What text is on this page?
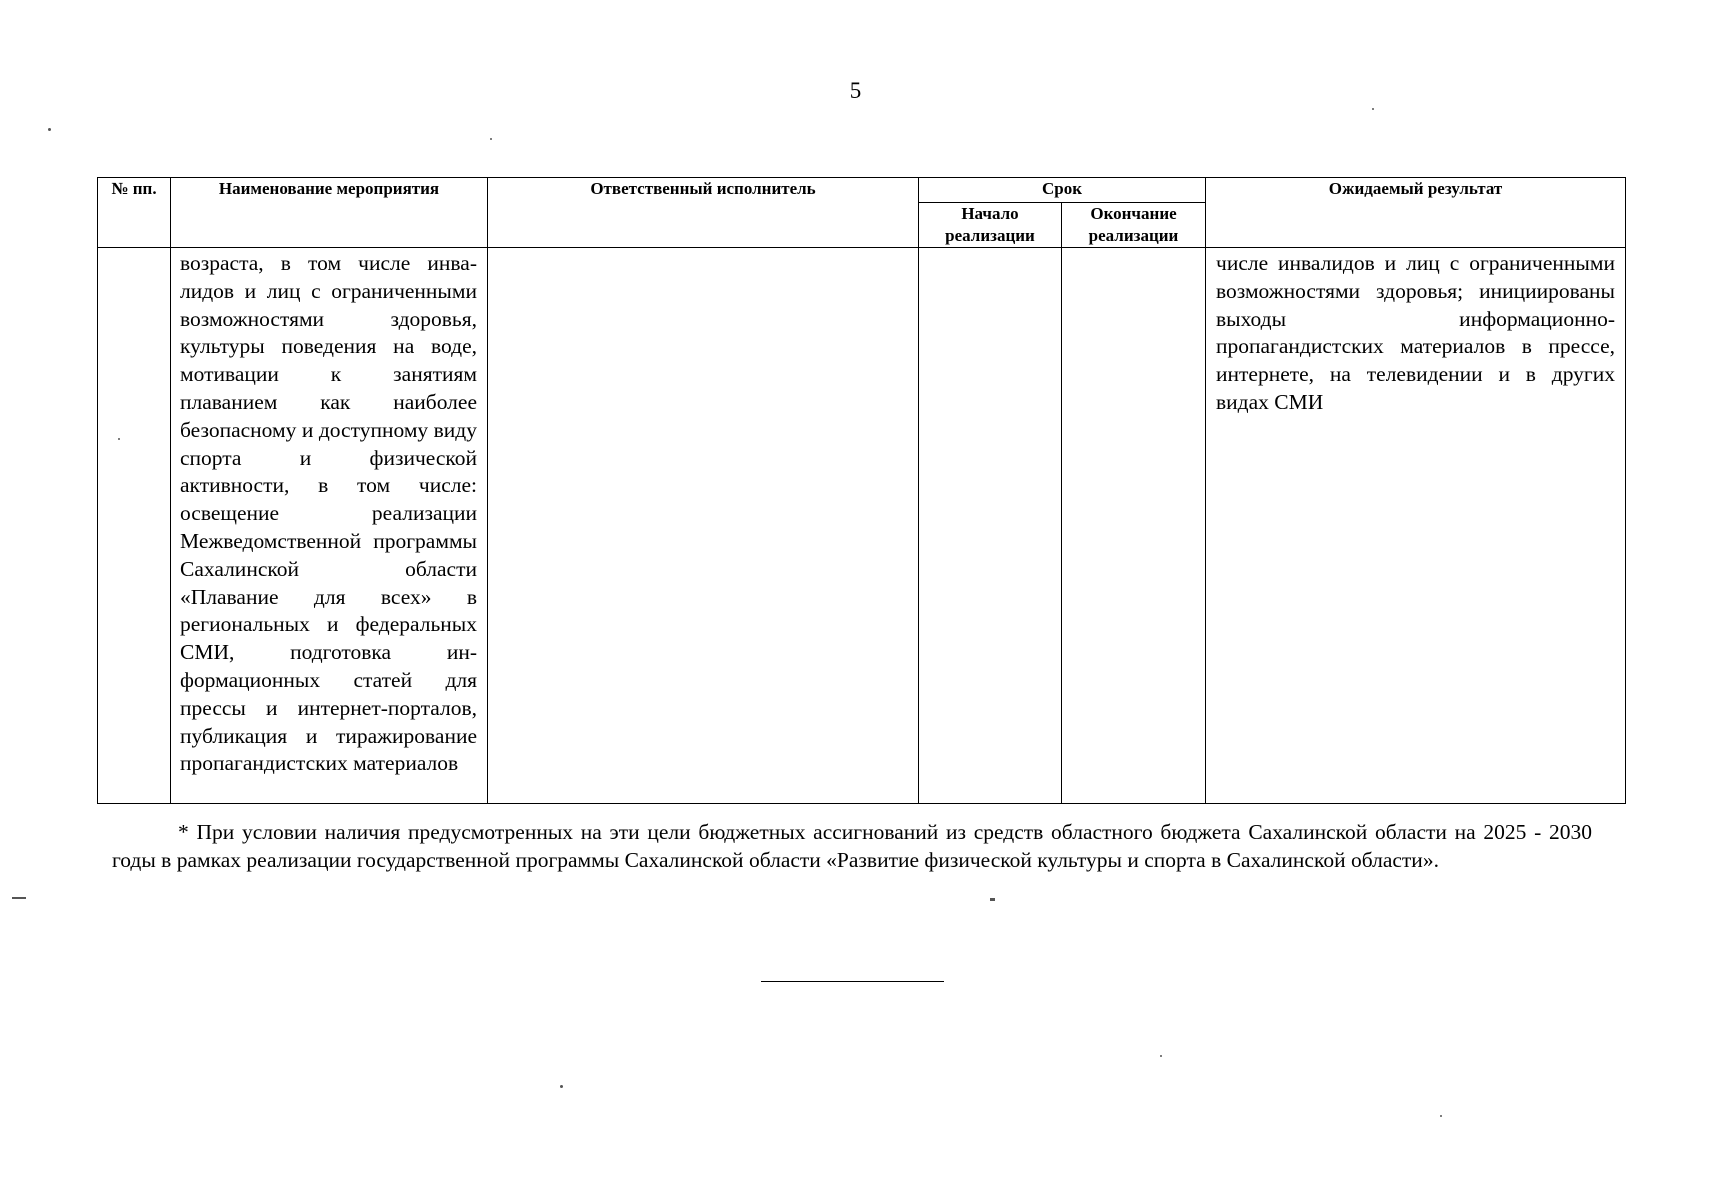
5
№ пп.	Наименование мероприятия	Ответственный исполнитель	Срок		Ожидаемый результат
			Начало реализации	Окончание реализации	

	возраста, в том числе инвалидов и лиц с ограниченными возможностями здоровья, культуры поведения на воде, мотивации к занятиям плаванием как наиболее безопасному и доступному виду спорта и физической активности, в том числе: освещение реализации Межведомственной программы Сахалинской области «Плавание для всех» в региональных и федеральных СМИ, подготовка информационных статей для прессы и интернет-порталов, публикация и тиражирование пропагандистских материалов				числе инвалидов и лиц с ограниченными возможностями здоровья; инициированы выходы информационно-пропагандистских материалов в прессе, интернете, на телевидении и в других видах СМИ
* При условии наличия предусмотренных на эти цели бюджетных ассигнований из средств областного бюджета Сахалинской области на 2025 - 2030 годы в рамках реализации государственной программы Сахалинской области «Развитие физической культуры и спорта в Сахалинской области».
